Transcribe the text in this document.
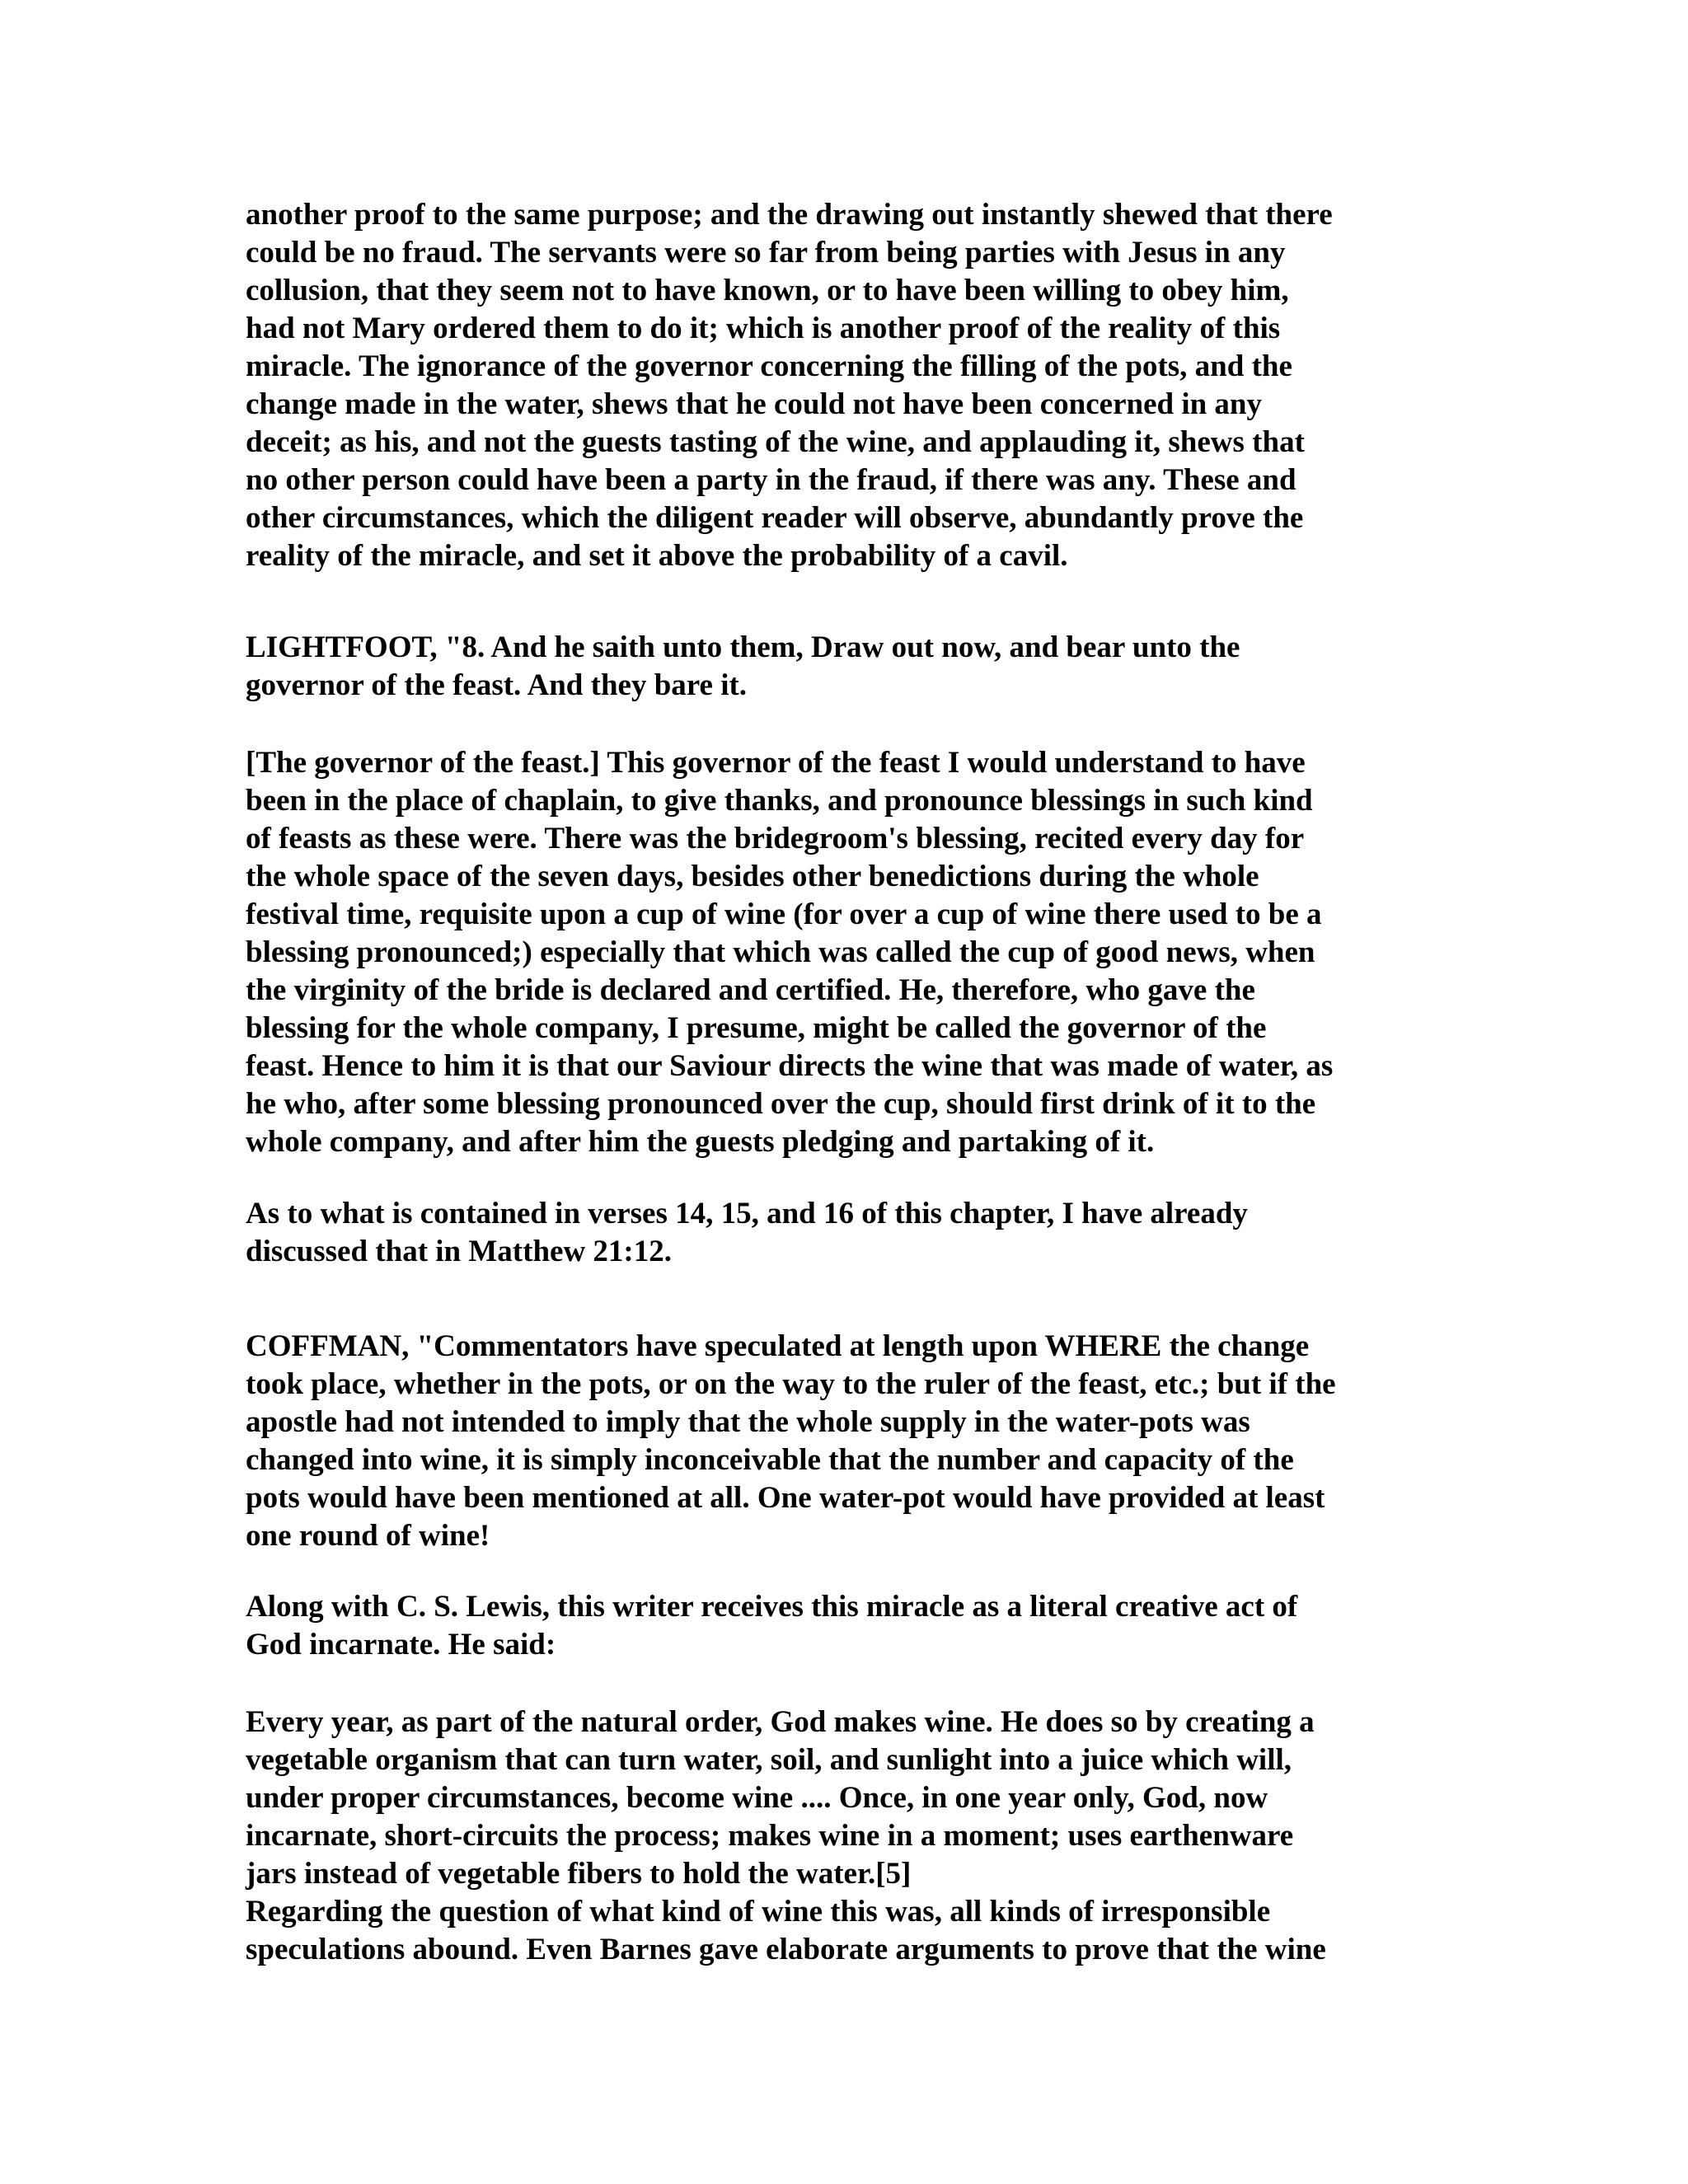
another proof to the same purpose; and the drawing out instantly shewed that there
could be no fraud. The servants were so far from being parties with Jesus in any
collusion, that they seem not to have known, or to have been willing to obey him,
had not Mary ordered them to do it; which is another proof of the reality of this
miracle. The ignorance of the governor concerning the filling of the pots, and the
change made in the water, shews that he could not have been concerned in any
deceit; as his, and not the guests tasting of the wine, and applauding it, shews that
no other person could have been a party in the fraud, if there was any. These and
other circumstances, which the diligent reader will observe, abundantly prove the
reality of the miracle, and set it above the probability of a cavil.

LIGHTFOOT, "8. And he saith unto them, Draw out now, and bear unto the
governor of the feast. And they bare it.

[The governor of the feast.] This governor of the feast I would understand to have
been in the place of chaplain, to give thanks, and pronounce blessings in such kind
of feasts as these were. There was the bridegroom's blessing, recited every day for
the whole space of the seven days, besides other benedictions during the whole
festival time, requisite upon a cup of wine (for over a cup of wine there used to be a
blessing pronounced;) especially that which was called the cup of good news, when
the virginity of the bride is declared and certified. He, therefore, who gave the
blessing for the whole company, I presume, might be called the governor of the
feast. Hence to him it is that our Saviour directs the wine that was made of water, as
he who, after some blessing pronounced over the cup, should first drink of it to the
whole company, and after him the guests pledging and partaking of it.

As to what is contained in verses 14, 15, and 16 of this chapter, I have already
discussed that in Matthew 21:12.

COFFMAN, "Commentators have speculated at length upon WHERE the change
took place, whether in the pots, or on the way to the ruler of the feast, etc.; but if the
apostle had not intended to imply that the whole supply in the water-pots was
changed into wine, it is simply inconceivable that the number and capacity of the
pots would have been mentioned at all. One water-pot would have provided at least
one round of wine!

Along with C. S. Lewis, this writer receives this miracle as a literal creative act of
God incarnate. He said:

Every year, as part of the natural order, God makes wine. He does so by creating a
vegetable organism that can turn water, soil, and sunlight into a juice which will,
under proper circumstances, become wine .... Once, in one year only, God, now
incarnate, short-circuits the process; makes wine in a moment; uses earthenware
jars instead of vegetable fibers to hold the water.[5]
Regarding the question of what kind of wine this was, all kinds of irresponsible
speculations abound. Even Barnes gave elaborate arguments to prove that the wine
